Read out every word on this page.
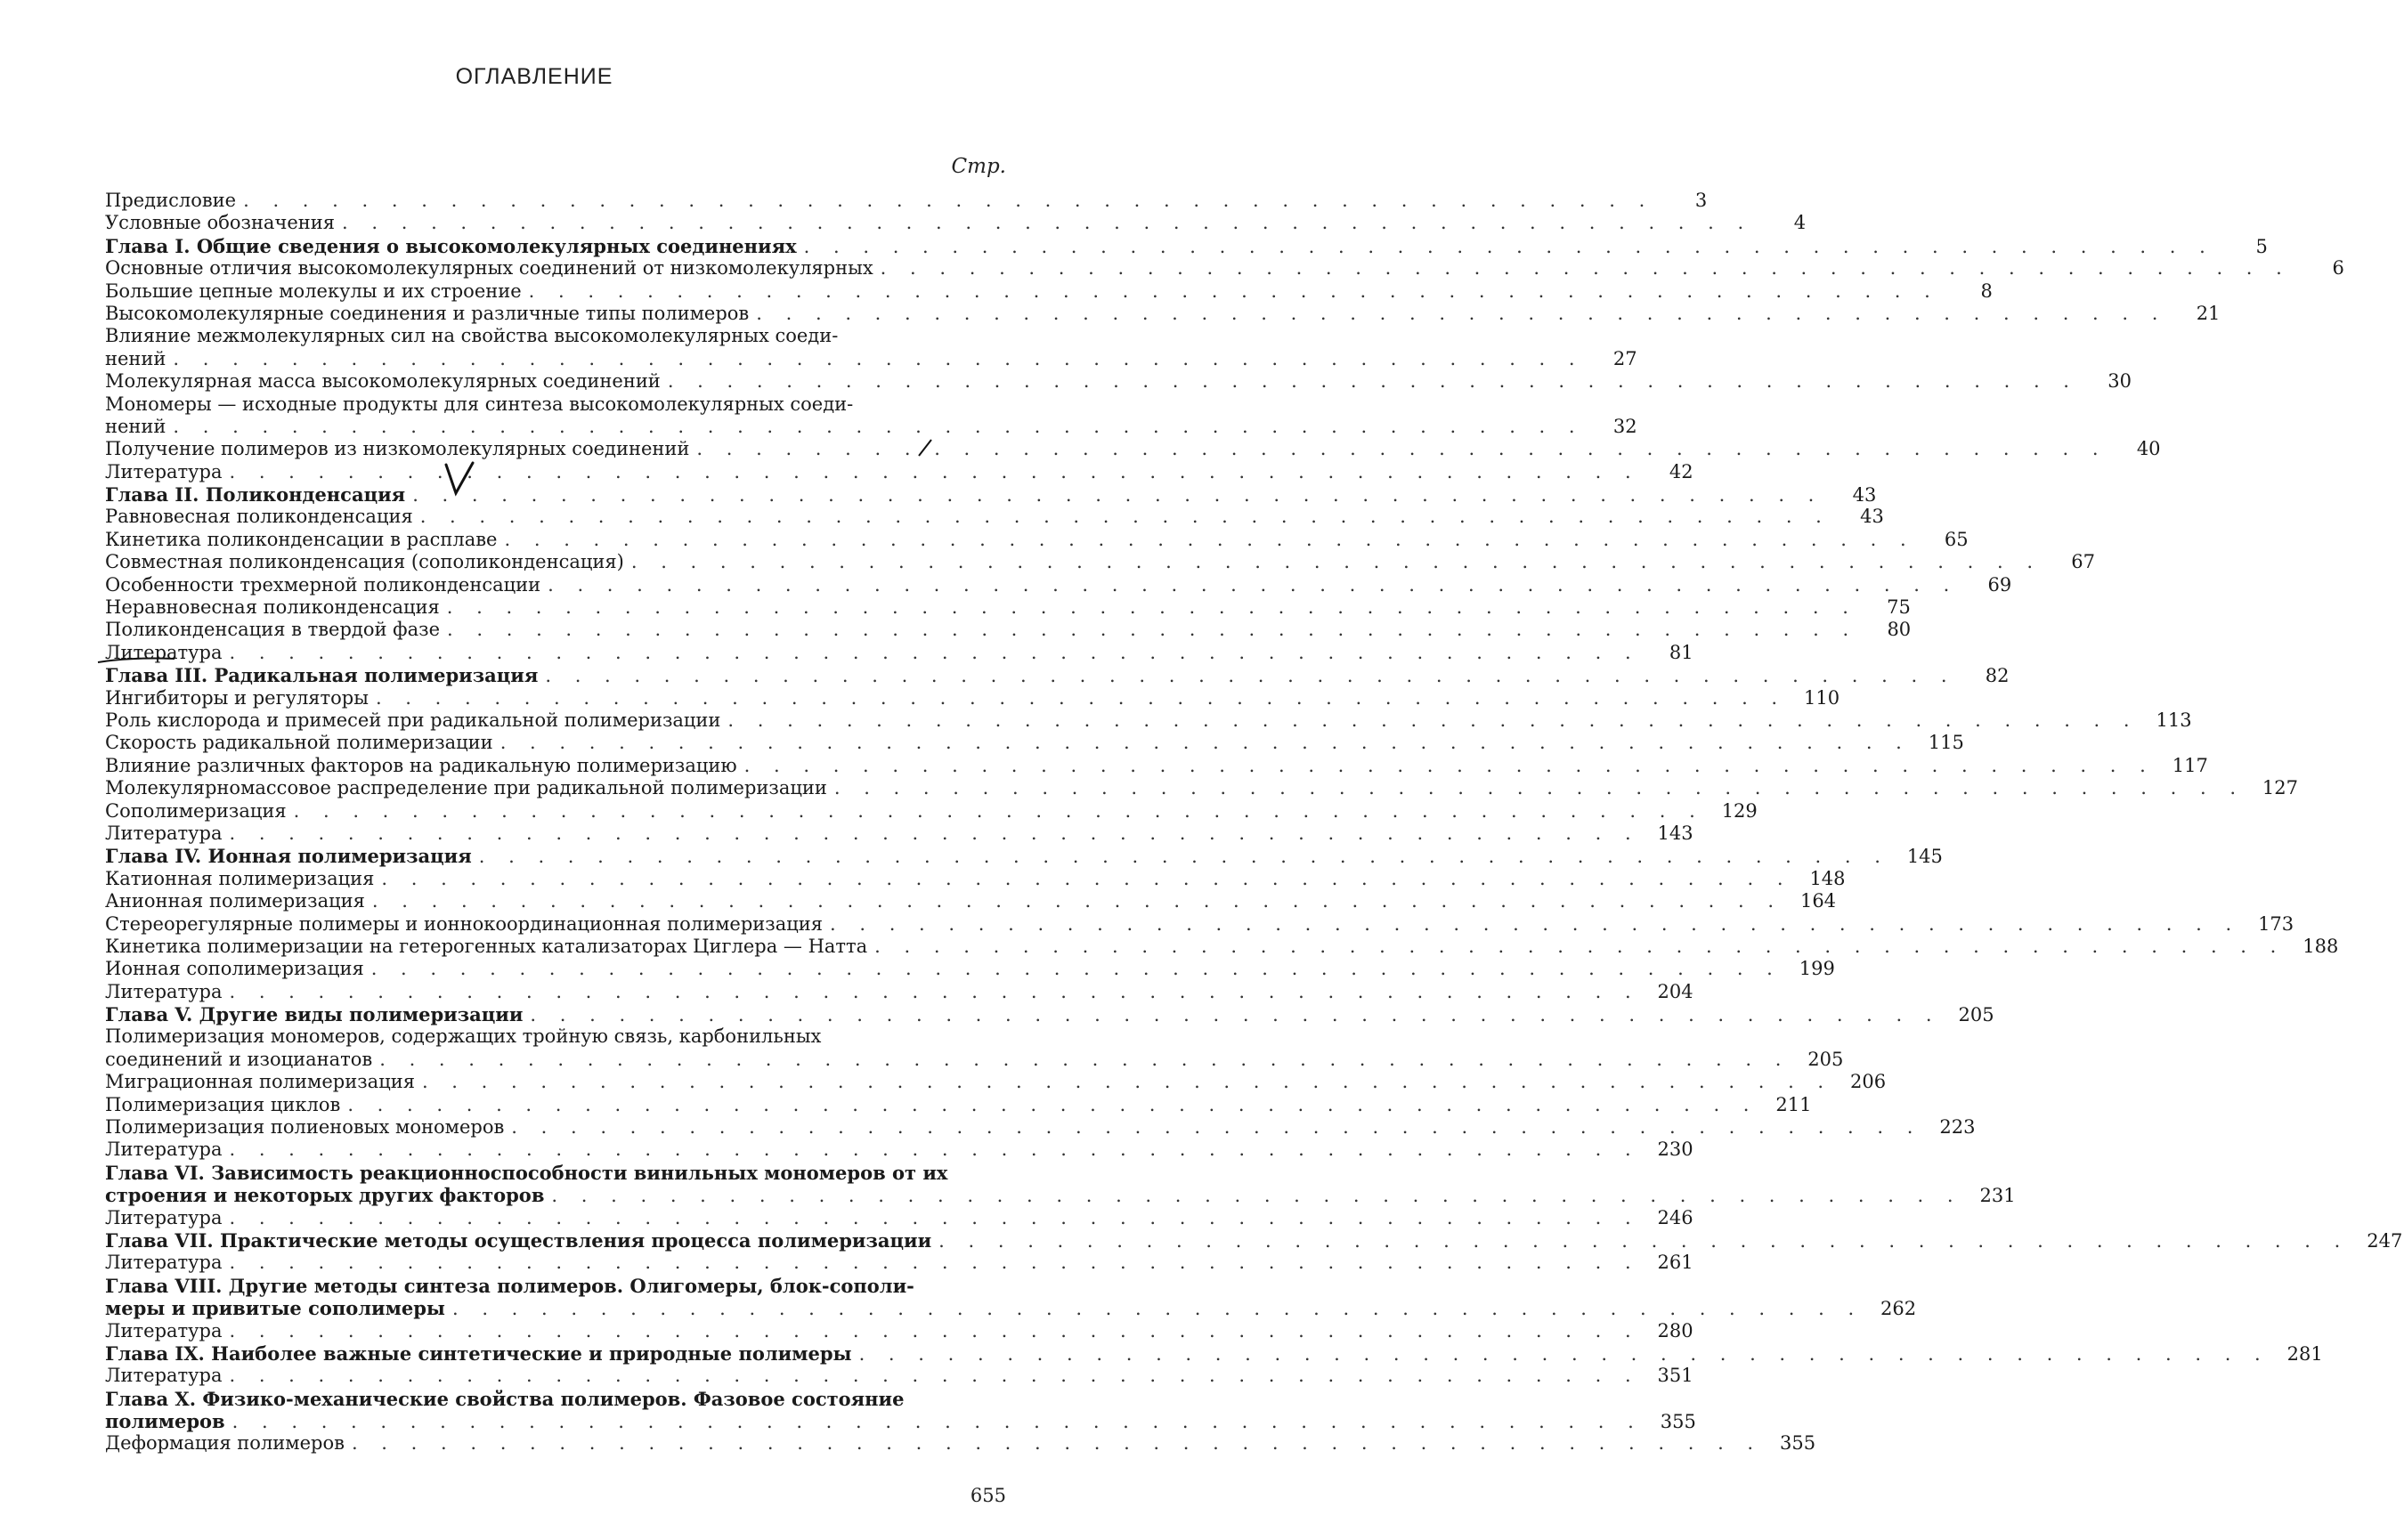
ОГЛАВЛЕНИЕ
Стр.
Предисловие . . . . . . . . . . . . . . . . . . . . . . . . . . . . . . . . . . . . . . . . . . . . . . . .	3
Условные обозначения . . . . . . . . . . . . . . . . . . . . . . . . . . . . . . . . . . . . . . . . . . . . . . . .	4
Глава I. Общие сведения о высокомолекулярных соединениях . . . . . . . . . . . . . . . . . . . . . . . . . . . . . . . . . . . . . . . . . . . . . . . .	5
Основные отличия высокомолекулярных соединений от низкомолекулярных . . . . . . . . . . . . . . . . . . . . . . . . . . . . . . . . . . . . . . . . . . . . . . . .	6
Большие цепные молекулы и их строение . . . . . . . . . . . . . . . . . . . . . . . . . . . . . . . . . . . . . . . . . . . . . . . .	8
Высокомолекулярные соединения и различные типы полимеров . . . . . . . . . . . . . . . . . . . . . . . . . . . . . . . . . . . . . . . . . . . . . . . .	21
Влияние межмолекулярных сил на свойства высокомолекулярных соеди-
нений . . . . . . . . . . . . . . . . . . . . . . . . . . . . . . . . . . . . . . . . . . . . . . . .	27
Молекулярная масса высокомолекулярных соединений . . . . . . . . . . . . . . . . . . . . . . . . . . . . . . . . . . . . . . . . . . . . . . . .	30
Мономеры — исходные продукты для синтеза высокомолекулярных соеди-
нений . . . . . . . . . . . . . . . . . . . . . . . . . . . . . . . . . . . . . . . . . . . . . . . .	32
Получение полимеров из низкомолекулярных соединений . . . . . . . . . . . . . . . . . . . . . . . . . . . . . . . . . . . . . . . . . . . . . . . .	40
Литература . . . . . . . . . . . . . . . . . . . . . . . . . . . . . . . . . . . . . . . . . . . . . . . .	42
Глава II. Поликонденсация . . . . . . . . . . . . . . . . . . . . . . . . . . . . . . . . . . . . . . . . . . . . . . . .	43
Равновесная поликонденсация . . . . . . . . . . . . . . . . . . . . . . . . . . . . . . . . . . . . . . . . . . . . . . . .	43
Кинетика поликонденсации в расплаве . . . . . . . . . . . . . . . . . . . . . . . . . . . . . . . . . . . . . . . . . . . . . . . .	65
Совместная поликонденсация (сополиконденсация) . . . . . . . . . . . . . . . . . . . . . . . . . . . . . . . . . . . . . . . . . . . . . . . .	67
Особенности трехмерной поликонденсации . . . . . . . . . . . . . . . . . . . . . . . . . . . . . . . . . . . . . . . . . . . . . . . .	69
Неравновесная поликонденсация . . . . . . . . . . . . . . . . . . . . . . . . . . . . . . . . . . . . . . . . . . . . . . . .	75
Поликонденсация в твердой фазе . . . . . . . . . . . . . . . . . . . . . . . . . . . . . . . . . . . . . . . . . . . . . . . .	80
Литература . . . . . . . . . . . . . . . . . . . . . . . . . . . . . . . . . . . . . . . . . . . . . . . .	81
Глава III. Радикальная полимеризация . . . . . . . . . . . . . . . . . . . . . . . . . . . . . . . . . . . . . . . . . . . . . . . .	82
Ингибиторы и регуляторы . . . . . . . . . . . . . . . . . . . . . . . . . . . . . . . . . . . . . . . . . . . . . . . . 110
Роль кислорода и примесей при радикальной полимеризации . . . . . . . . . . . . . . . . . . . . . . . . . . . . . . . . . . . . . . . . . . . . . . . . 113
Скорость радикальной полимеризации . . . . . . . . . . . . . . . . . . . . . . . . . . . . . . . . . . . . . . . . . . . . . . . . 115
Влияние различных факторов на радикальную полимеризацию . . . . . . . . . . . . . . . . . . . . . . . . . . . . . . . . . . . . . . . . . . . . . . . . 117
Молекулярномассовое распределение при радикальной полимеризации . . . . . . . . . . . . . . . . . . . . . . . . . . . . . . . . . . . . . . . . . . . . . . . . 127
Сополимеризация . . . . . . . . . . . . . . . . . . . . . . . . . . . . . . . . . . . . . . . . . . . . . . . . 129
Литература . . . . . . . . . . . . . . . . . . . . . . . . . . . . . . . . . . . . . . . . . . . . . . . . 143
Глава IV. Ионная полимеризация . . . . . . . . . . . . . . . . . . . . . . . . . . . . . . . . . . . . . . . . . . . . . . . . 145
Катионная полимеризация . . . . . . . . . . . . . . . . . . . . . . . . . . . . . . . . . . . . . . . . . . . . . . . . 148
Анионная полимеризация . . . . . . . . . . . . . . . . . . . . . . . . . . . . . . . . . . . . . . . . . . . . . . . . 164
Стереорегулярные полимеры и ионнокоординационная полимеризация . . . . . . . . . . . . . . . . . . . . . . . . . . . . . . . . . . . . . . . . . . . . . . . . 173
Кинетика полимеризации на гетерогенных катализаторах Циглера — Натта . . . . . . . . . . . . . . . . . . . . . . . . . . . . . . . . . . . . . . . . . . . . . . . . 188
Ионная сополимеризация . . . . . . . . . . . . . . . . . . . . . . . . . . . . . . . . . . . . . . . . . . . . . . . . 199
Литература . . . . . . . . . . . . . . . . . . . . . . . . . . . . . . . . . . . . . . . . . . . . . . . . 204
Глава V. Другие виды полимеризации . . . . . . . . . . . . . . . . . . . . . . . . . . . . . . . . . . . . . . . . . . . . . . . . 205
Полимеризация мономеров, содержащих тройную связь, карбонильных
соединений и изоцианатов . . . . . . . . . . . . . . . . . . . . . . . . . . . . . . . . . . . . . . . . . . . . . . . . 205
Миграционная полимеризация . . . . . . . . . . . . . . . . . . . . . . . . . . . . . . . . . . . . . . . . . . . . . . . . 206
Полимеризация циклов . . . . . . . . . . . . . . . . . . . . . . . . . . . . . . . . . . . . . . . . . . . . . . . . 211
Полимеризация полиеновых мономеров . . . . . . . . . . . . . . . . . . . . . . . . . . . . . . . . . . . . . . . . . . . . . . . . 223
Литература . . . . . . . . . . . . . . . . . . . . . . . . . . . . . . . . . . . . . . . . . . . . . . . . 230
Глава VI. Зависимость реакционноспособности винильных мономеров от их
строения и некоторых других факторов . . . . . . . . . . . . . . . . . . . . . . . . . . . . . . . . . . . . . . . . . . . . . . . . 231
Литература . . . . . . . . . . . . . . . . . . . . . . . . . . . . . . . . . . . . . . . . . . . . . . . . 246
Глава VII. Практические методы осуществления процесса полимеризации . . . . . . . . . . . . . . . . . . . . . . . . . . . . . . . . . . . . . . . . . . . . . . . . 247
Литература . . . . . . . . . . . . . . . . . . . . . . . . . . . . . . . . . . . . . . . . . . . . . . . . 261
Глава VIII. Другие методы синтеза полимеров. Олигомеры, блок-сополи-
меры и привитые сополимеры . . . . . . . . . . . . . . . . . . . . . . . . . . . . . . . . . . . . . . . . . . . . . . . . 262
Литература . . . . . . . . . . . . . . . . . . . . . . . . . . . . . . . . . . . . . . . . . . . . . . . . 280
Глава IX. Наиболее важные синтетические и природные полимеры . . . . . . . . . . . . . . . . . . . . . . . . . . . . . . . . . . . . . . . . . . . . . . . . 281
Литература . . . . . . . . . . . . . . . . . . . . . . . . . . . . . . . . . . . . . . . . . . . . . . . . 351
Глава X. Физико-механические свойства полимеров. Фазовое состояние
полимеров . . . . . . . . . . . . . . . . . . . . . . . . . . . . . . . . . . . . . . . . . . . . . . . . 355
Деформация полимеров . . . . . . . . . . . . . . . . . . . . . . . . . . . . . . . . . . . . . . . . . . . . . . . . 355
655
